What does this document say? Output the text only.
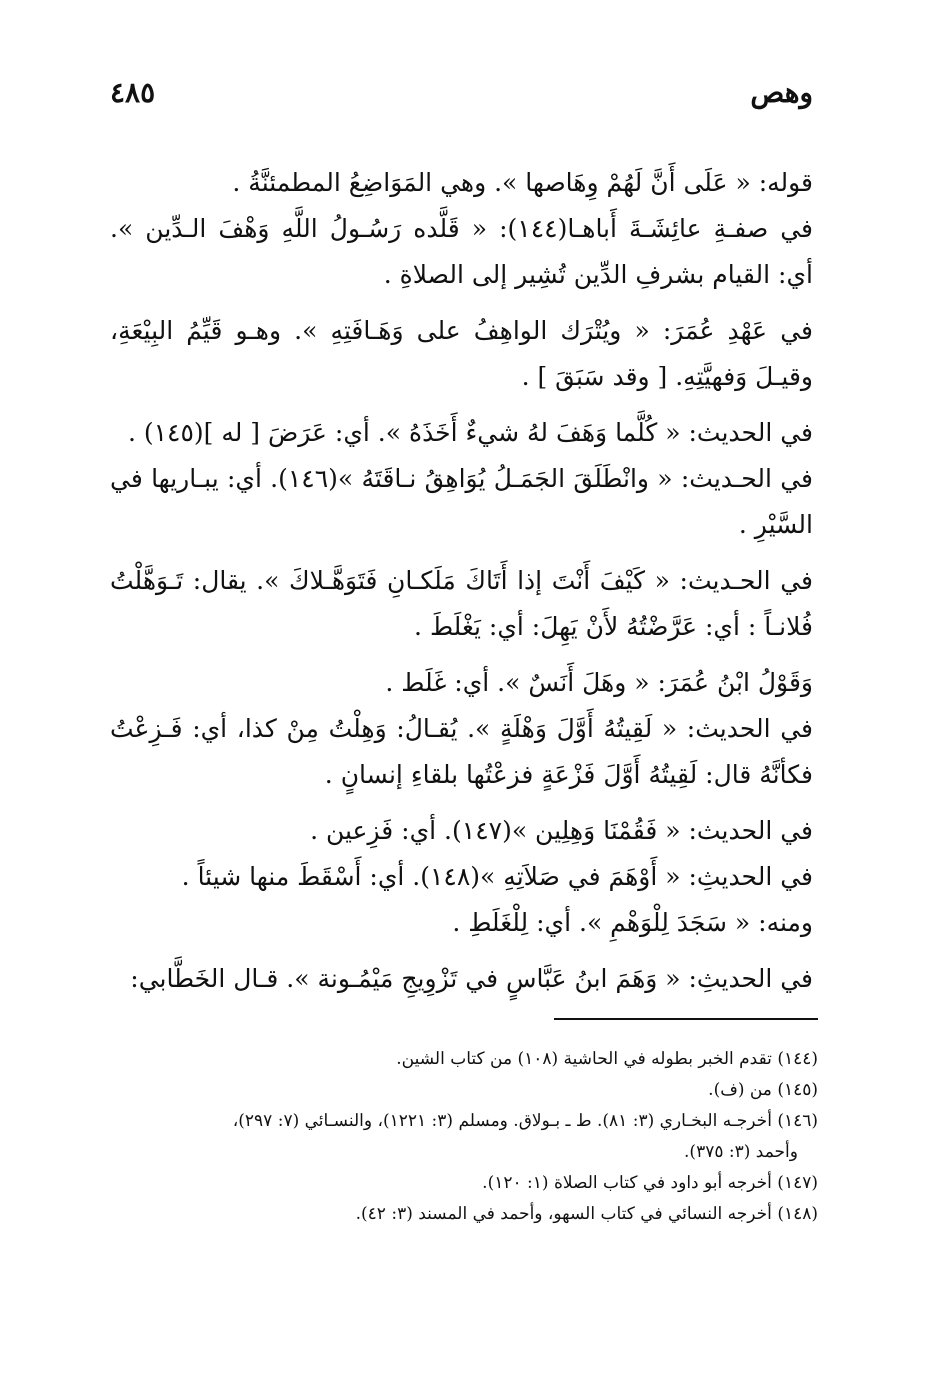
وهص
٤٨٥

قوله: « عَلَى أَنَّ لَهُمْ وِهَاصها ». وهي المَوَاضِعُ المطمئنَّةُ .

في صفـةِ عائِشَـةَ أَباهـا(١٤٤): « قَلَّده رَسُـولُ اللَّهِ وَهْفَ الـدِّين ». أي: القيام بشرفِ الدِّين تُشِير إلى الصلاةِ .

في عَهْدِ عُمَرَ: « ويُتْرَك الواهِفُ على وَهَـافَتِهِ ». وهـو قَيِّمُ البِيْعَةِ، وقيـلَ وَفهيَّتِهِ. [ وقد سَبَقَ ] .

في الحديث: « كُلَّما وَهَفَ لهُ شيءٌ أَخَذَهُ ». أي: عَرَضَ [ له ](١٤٥) .

في الحـديث: « وانْطَلَقَ الجَمَـلُ يُوَاهِقُ نـاقَتَهُ »(١٤٦). أي: يبـاريها في السَّيْرِ .

في الحـديث: « كَيْفَ أَنْتَ إذا أَتَاكَ مَلَكـانِ فَتَوَهَّـلاكَ ». يقال: تَـوَهَّلْتُ فُلانـاً : أي: عَرَّضْتُهُ لأَنْ يَهِلَ: أي: يَغْلَطَ .

وَقَوْلُ ابْنُ عُمَرَ: « وهَلَ أَنَسٌ ». أي: غَلَط .

في الحديث: « لَقِيتُهُ أَوَّلَ وَهْلَةٍ ». يُقـالُ: وَهِلْتُ مِنْ كذا، أي: فَـزِعْتُ فكأنَّهُ قال: لَقِيتُهُ أَوَّلَ فَزْعَةٍ فزعْتُها بلقاءِ إنسانٍ .

في الحديث: « فَقُمْنَا وَهِلِين »(١٤٧). أي: فَزِعين .

في الحديثِ: « أَوْهَمَ في صَلاَتِهِ »(١٤٨). أي: أَسْقَطَ منها شيئاً .

ومنه: « سَجَدَ لِلْوَهْمِ ». أي: لِلْغَلَطِ .

في الحديثِ: « وَهَمَ ابنُ عَبَّاسٍ في تَزْوِيجِ مَيْمُـونة ». قـال الخَطَّابي:

(١٤٤) تقدم الخبر بطوله في الحاشية (١٠٨) من كتاب الشين.

(١٤٥) من (ف).

(١٤٦) أخرجـه البخـاري (٣: ٨١). ط ـ بـولاق. ومسلم (٣: ١٢٢١)، والنسـائي (٧: ٢٩٧)،

وأحمد (٣: ٣٧٥).

(١٤٧) أخرجه أبو داود في كتاب الصلاة (١: ١٢٠).

(١٤٨) أخرجه النسائي في كتاب السهو، وأحمد في المسند (٣: ٤٢).
